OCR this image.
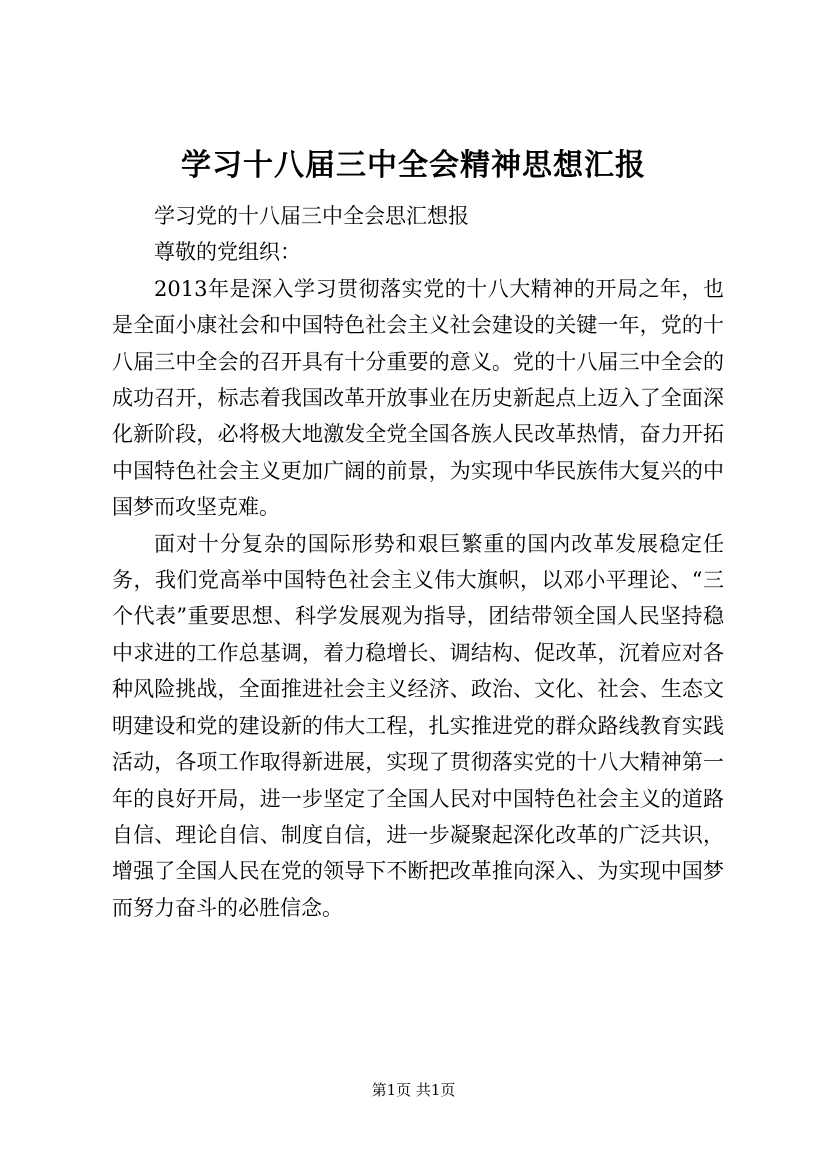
学习十八届三中全会精神思想汇报

学习党的十八届三中全会思汇想报

尊敬的党组织：

2013年是深入学习贯彻落实党的十八大精神的开局之年，也是全面小康社会和中国特色社会主义社会建设的关键一年，党的十八届三中全会的召开具有十分重要的意义。党的十八届三中全会的成功召开，标志着我国改革开放事业在历史新起点上迈入了全面深化新阶段，必将极大地激发全党全国各族人民改革热情，奋力开拓中国特色社会主义更加广阔的前景，为实现中华民族伟大复兴的中国梦而攻坚克难。

面对十分复杂的国际形势和艰巨繁重的国内改革发展稳定任务，我们党高举中国特色社会主义伟大旗帜，以邓小平理论、“三个代表”重要思想、科学发展观为指导，团结带领全国人民坚持稳中求进的工作总基调，着力稳增长、调结构、促改革，沉着应对各种风险挑战，全面推进社会主义经济、政治、文化、社会、生态文明建设和党的建设新的伟大工程，扎实推进党的群众路线教育实践活动，各项工作取得新进展，实现了贯彻落实党的十八大精神第一年的良好开局，进一步坚定了全国人民对中国特色社会主义的道路自信、理论自信、制度自信，进一步凝聚起深化改革的广泛共识，增强了全国人民在党的领导下不断把改革推向深入、为实现中国梦而努力奋斗的必胜信念。

第1页 共1页
